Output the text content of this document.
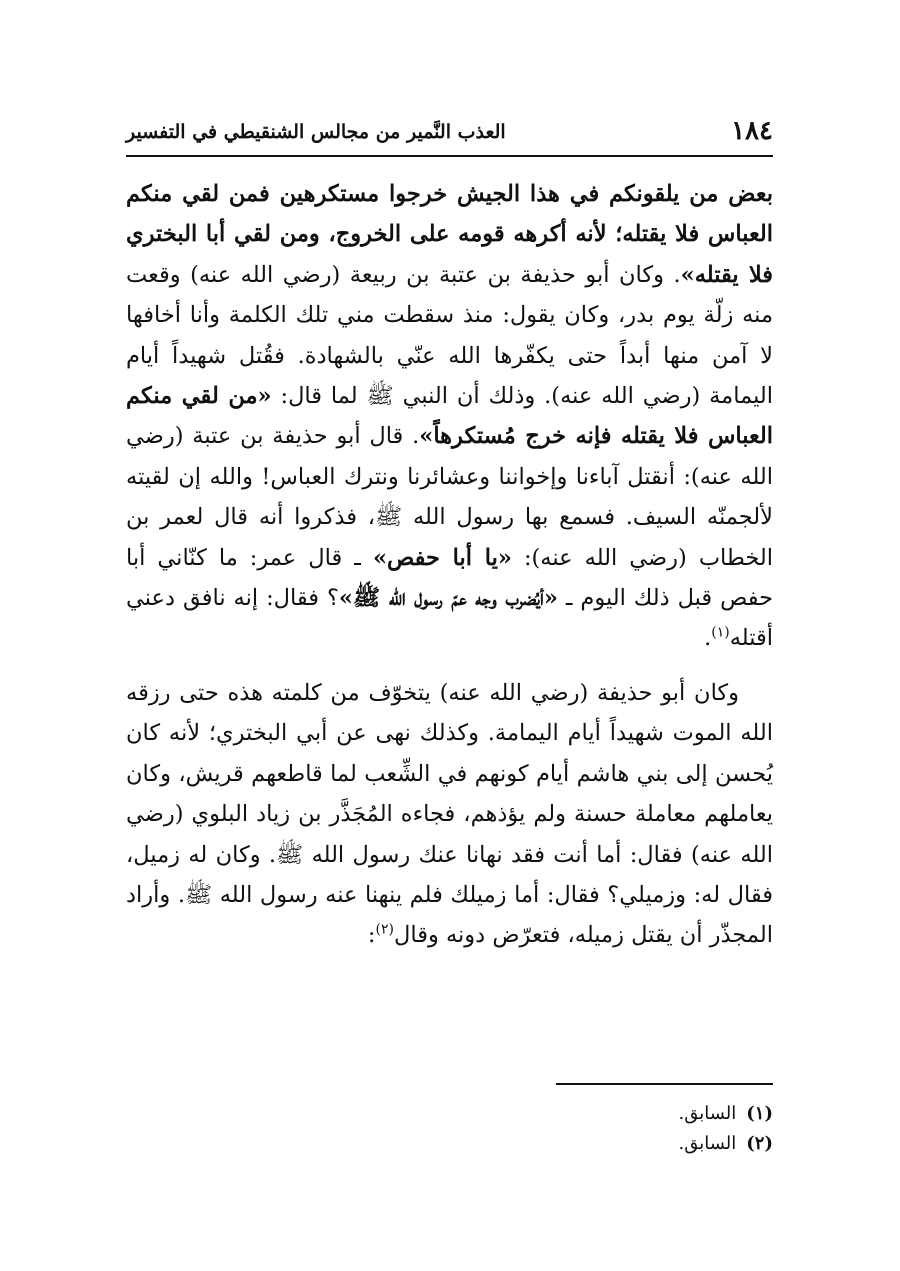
١٨٤
العذب النَّمير من مجالس الشنقيطي في التفسير

بعض من يلقونكم في هذا الجيش خرجوا مستكرهين فمن لقي منكم العباس فلا يقتله؛ لأنه أكرهه قومه على الخروج، ومن لقي أبا البختري فلا يقتله». وكان أبو حذيفة بن عتبة بن ربيعة (رضي الله عنه) وقعت منه زلّة يوم بدر، وكان يقول: منذ سقطت مني تلك الكلمة وأنا أخافها لا آمن منها أبداً حتى يكفّرها الله عنّي بالشهادة. فقُتل شهيداً أيام اليمامة (رضي الله عنه). وذلك أن النبي ﷺ لما قال: «من لقي منكم العباس فلا يقتله فإنه خرج مُستكرهاً». قال أبو حذيفة بن عتبة (رضي الله عنه): أنقتل آباءنا وإخواننا وعشائرنا ونترك العباس! والله إن لقيته لألجمنّه السيف. فسمع بها رسول الله ﷺ، فذكروا أنه قال لعمر بن الخطاب (رضي الله عنه): «يا أبا حفص» ـ قال عمر: ما كنّاني أبا حفص قبل ذلك اليوم ـ «أيُضرب وجه عمّ رسول الله ﷺ»؟ فقال: إنه نافق دعني أقتله$^{(١)}$.

وكان أبو حذيفة (رضي الله عنه) يتخوّف من كلمته هذه حتى رزقه الله الموت شهيداً أيام اليمامة. وكذلك نهى عن أبي البختري؛ لأنه كان يُحسن إلى بني هاشم أيام كونهم في الشِّعب لما قاطعهم قريش، وكان يعاملهم معاملة حسنة ولم يؤذهم، فجاءه المُجَذَّر بن زياد البلوي (رضي الله عنه) فقال: أما أنت فقد نهانا عنك رسول الله ﷺ. وكان له زميل، فقال له: وزميلي؟ فقال: أما زميلك فلم ينهنا عنه رسول الله ﷺ. وأراد المجذّر أن يقتل زميله، فتعرّض دونه وقال$^{(٢)}$:

(١)السابق.
(٢)السابق.
